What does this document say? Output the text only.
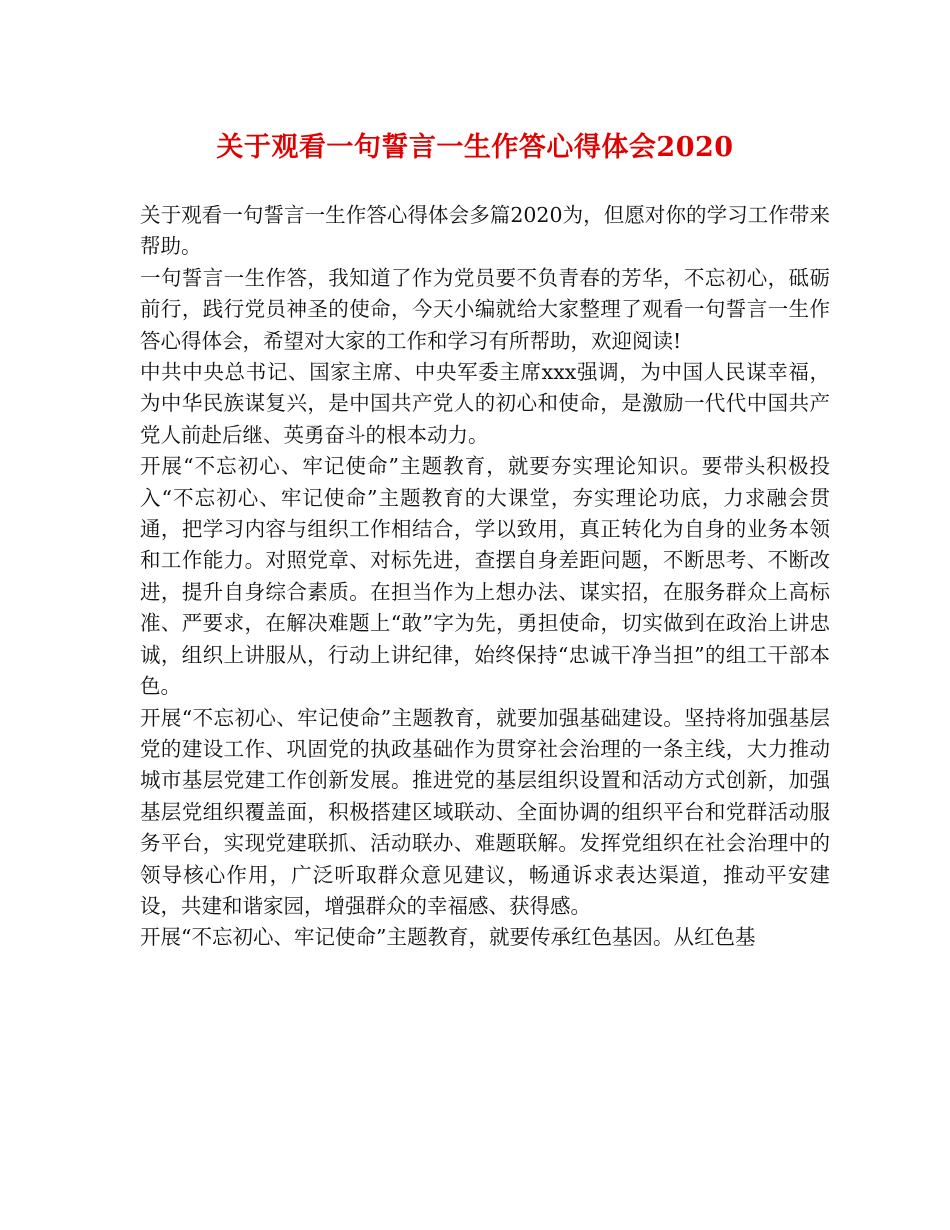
关于观看一句誓言一生作答心得体会2020

关于观看一句誓言一生作答心得体会多篇2020为，但愿对你的学习工作带来帮助。

一句誓言一生作答，我知道了作为党员要不负青春的芳华，不忘初心，砥砺前行，践行党员神圣的使命，今天小编就给大家整理了观看一句誓言一生作答心得体会，希望对大家的工作和学习有所帮助，欢迎阅读!

中共中央总书记、国家主席、中央军委主席xxx强调，为中国人民谋幸福，为中华民族谋复兴，是中国共产党人的初心和使命，是激励一代代中国共产党人前赴后继、英勇奋斗的根本动力。

开展“不忘初心、牢记使命”主题教育，就要夯实理论知识。要带头积极投入“不忘初心、牢记使命”主题教育的大课堂，夯实理论功底，力求融会贯通，把学习内容与组织工作相结合，学以致用，真正转化为自身的业务本领和工作能力。对照党章、对标先进，查摆自身差距问题，不断思考、不断改进，提升自身综合素质。在担当作为上想办法、谋实招，在服务群众上高标准、严要求，在解决难题上“敢”字为先，勇担使命，切实做到在政治上讲忠诚，组织上讲服从，行动上讲纪律，始终保持“忠诚干净当担”的组工干部本色。

开展“不忘初心、牢记使命”主题教育，就要加强基础建设。坚持将加强基层党的建设工作、巩固党的执政基础作为贯穿社会治理的一条主线，大力推动城市基层党建工作创新发展。推进党的基层组织设置和活动方式创新，加强基层党组织覆盖面，积极搭建区域联动、全面协调的组织平台和党群活动服务平台，实现党建联抓、活动联办、难题联解。发挥党组织在社会治理中的领导核心作用，广泛听取群众意见建议，畅通诉求表达渠道，推动平安建设，共建和谐家园，增强群众的幸福感、获得感。

开展“不忘初心、牢记使命”主题教育，就要传承红色基因。从红色基
